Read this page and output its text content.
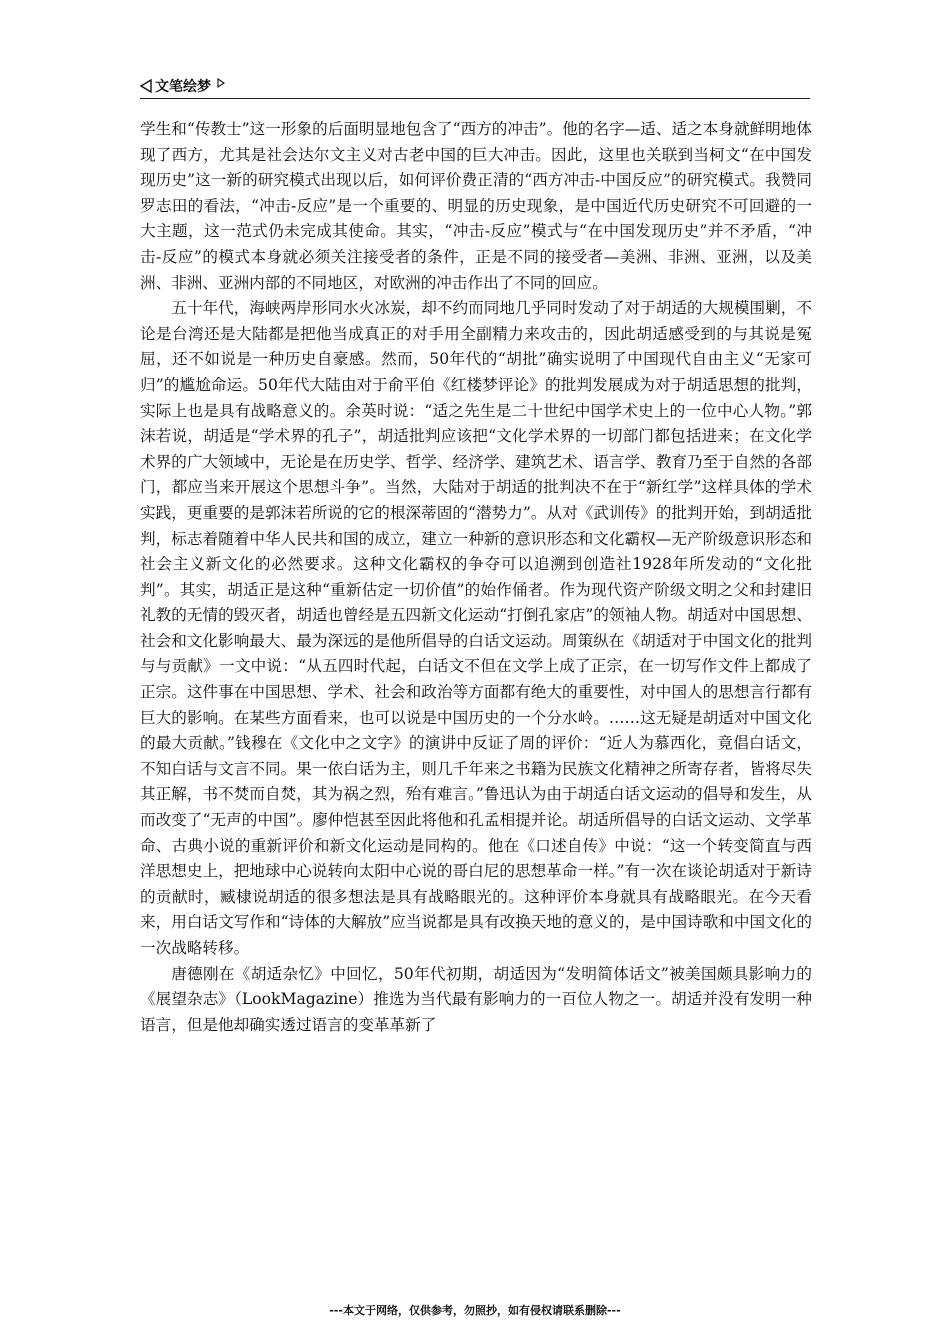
文笔绘梦

学生和“传教士”这一形象的后面明显地包含了“西方的冲击”。他的名字—适、适之本身就鲜明地体现了西方，尤其是社会达尔文主义对古老中国的巨大冲击。因此，这里也关联到当柯文“在中国发现历史”这一新的研究模式出现以后，如何评价费正清的“西方冲击-中国反应”的研究模式。我赞同罗志田的看法，“冲击-反应”是一个重要的、明显的历史现象，是中国近代历史研究不可回避的一大主题，这一范式仍未完成其使命。其实，“冲击-反应”模式与“在中国发现历史”并不矛盾，“冲击-反应”的模式本身就必须关注接受者的条件，正是不同的接受者—美洲、非洲、亚洲，以及美洲、非洲、亚洲内部的不同地区，对欧洲的冲击作出了不同的回应。

五十年代，海峡两岸形同水火冰炭，却不约而同地几乎同时发动了对于胡适的大规模围剿，不论是台湾还是大陆都是把他当成真正的对手用全副精力来攻击的，因此胡适感受到的与其说是冤屈，还不如说是一种历史自豪感。然而，50年代的“胡批”确实说明了中国现代自由主义“无家可归”的尴尬命运。50年代大陆由对于俞平伯《红楼梦评论》的批判发展成为对于胡适思想的批判，实际上也是具有战略意义的。余英时说：“适之先生是二十世纪中国学术史上的一位中心人物。”郭沫若说，胡适是“学术界的孔子”，胡适批判应该把“文化学术界的一切部门都包括进来；在文化学术界的广大领域中，无论是在历史学、哲学、经济学、建筑艺术、语言学、教育乃至于自然的各部门，都应当来开展这个思想斗争”。当然，大陆对于胡适的批判决不在于“新红学”这样具体的学术实践，更重要的是郭沫若所说的它的根深蒂固的“潜势力”。从对《武训传》的批判开始，到胡适批判，标志着随着中华人民共和国的成立，建立一种新的意识形态和文化霸权—无产阶级意识形态和社会主义新文化的必然要求。这种文化霸权的争夺可以追溯到创造社1928年所发动的“文化批判”。其实，胡适正是这种“重新估定一切价值”的始作俑者。作为现代资产阶级文明之父和封建旧礼教的无情的毁灭者，胡适也曾经是五四新文化运动“打倒孔家店”的领袖人物。胡适对中国思想、社会和文化影响最大、最为深远的是他所倡导的白话文运动。周策纵在《胡适对于中国文化的批判与与贡献》一文中说：“从五四时代起，白话文不但在文学上成了正宗，在一切写作文件上都成了正宗。这件事在中国思想、学术、社会和政治等方面都有绝大的重要性，对中国人的思想言行都有巨大的影响。在某些方面看来，也可以说是中国历史的一个分水岭。……这无疑是胡适对中国文化的最大贡献。”钱穆在《文化中之文字》的演讲中反证了周的评价：“近人为慕西化，竟倡白话文，不知白话与文言不同。果一依白话为主，则几千年来之书籍为民族文化精神之所寄存者，皆将尽失其正解，书不焚而自焚，其为祸之烈，殆有难言。”鲁迅认为由于胡适白话文运动的倡导和发生，从而改变了“无声的中国”。廖仲恺甚至因此将他和孔孟相提并论。胡适所倡导的白话文运动、文学革命、古典小说的重新评价和新文化运动是同构的。他在《口述自传》中说：“这一个转变简直与西洋思想史上，把地球中心说转向太阳中心说的哥白尼的思想革命一样。”有一次在谈论胡适对于新诗的贡献时，臧棣说胡适的很多想法是具有战略眼光的。这种评价本身就具有战略眼光。在今天看来，用白话文写作和“诗体的大解放”应当说都是具有改换天地的意义的，是中国诗歌和中国文化的一次战略转移。

唐德刚在《胡适杂忆》中回忆，50年代初期，胡适因为“发明简体话文”被美国颇具影响力的《展望杂志》（LookMagazine）推选为当代最有影响力的一百位人物之一。胡适并没有发明一种语言，但是他却确实透过语言的变革革新了

---本文于网络，仅供参考，勿照抄，如有侵权请联系删除---
